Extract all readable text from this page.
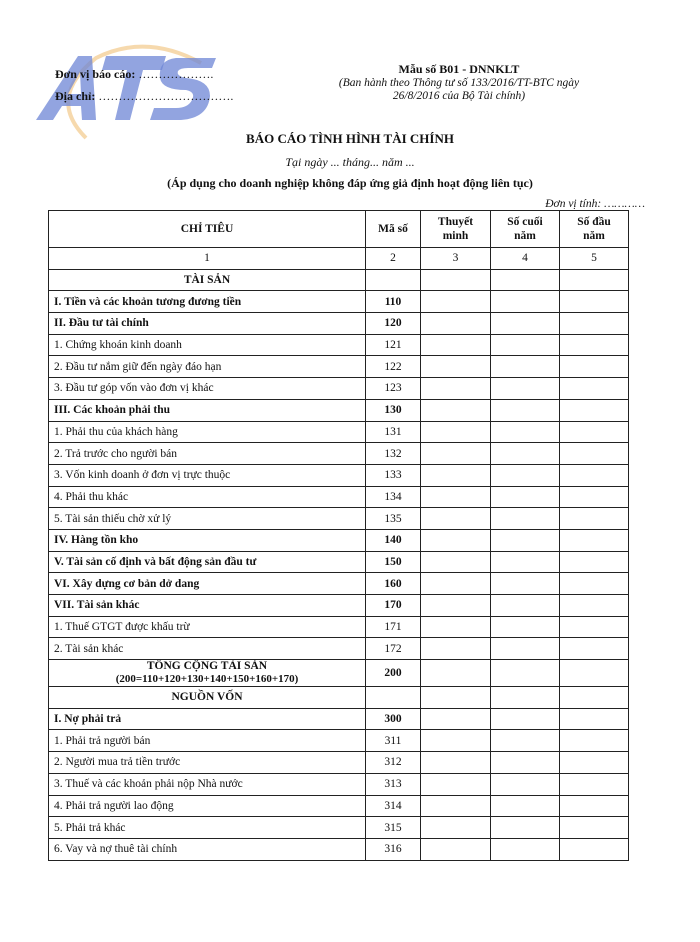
ATS
Đơn vị báo cáo: ……………….
Địa chỉ: …………………………….
Mẫu số B01 - DNNKLT
(Ban hành theo Thông tư số 133/2016/TT-BTC ngày
26/8/2016 của Bộ Tài chính)
BÁO CÁO TÌNH HÌNH TÀI CHÍNH
Tại ngày ... tháng... năm ...
(Áp dụng cho doanh nghiệp không đáp ứng giả định hoạt động liên tục)
Đơn vị tính: …………
CHỈ TIÊU	Mã số	Thuyết minh	Số cuối năm	Số đầu năm
1	2	3	4	5
TÀI SẢN				
I. Tiền và các khoản tương đương tiền	110			
II. Đầu tư tài chính	120			
1. Chứng khoán kinh doanh	121			
2. Đầu tư nắm giữ đến ngày đáo hạn	122			
3. Đầu tư góp vốn vào đơn vị khác	123			
III. Các khoản phải thu	130			
1. Phải thu của khách hàng	131			
2. Trả trước cho người bán	132			
3. Vốn kinh doanh ở đơn vị trực thuộc	133			
4. Phải thu khác	134			
5. Tài sản thiếu chờ xử lý	135			
IV. Hàng tồn kho	140			
V. Tài sản cố định và bất động sản đầu tư	150			
VI. Xây dựng cơ bản dở dang	160			
VII. Tài sản khác	170			
1. Thuế GTGT được khấu trừ	171			
2. Tài sản khác	172			

TỔNG CỘNG TÀI SẢN
(200=110+120+130+140+150+160+170)	200			
NGUỒN VỐN				
I. Nợ phải trả	300			
1. Phải trả người bán	311			
2. Người mua trả tiền trước	312			
3. Thuế và các khoản phải nộp Nhà nước	313			
4. Phải trả người lao động	314			
5. Phải trả khác	315			
6. Vay và nợ thuê tài chính	316			
